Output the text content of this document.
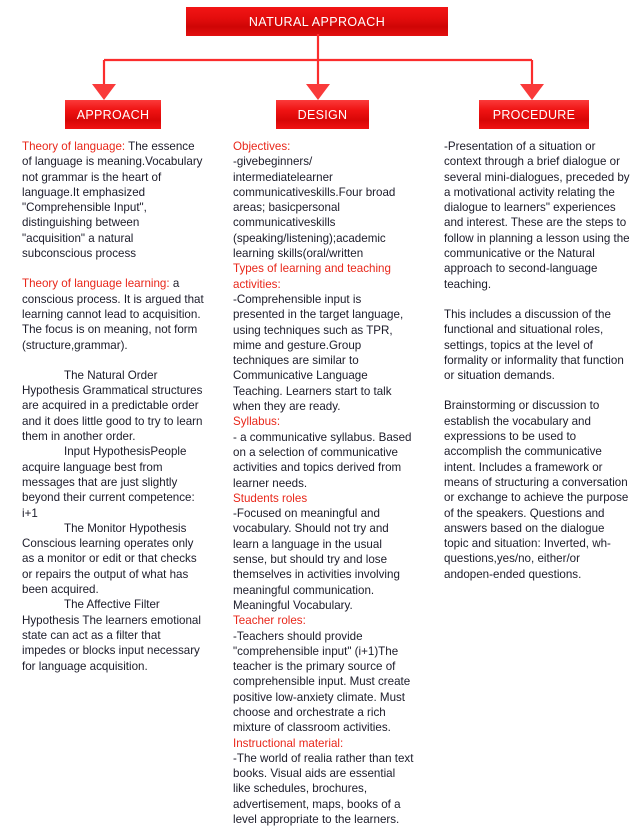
NATURAL APPROACH
APPROACH	DESIGN	PROCEDURE
Theory of language: The essence of language is meaning.Vocabulary not grammar is the heart of language.It emphasized "Comprehensible Input", distinguishing between "acquisition" a natural subconscious process
Theory of language learning: a conscious process. It is argued that learning cannot lead to acquisition. The focus is on meaning, not form (structure,grammar).
The Natural Order Hypothesis Grammatical structures are acquired in a predictable order and it does little good to try to learn them in another order.
Input HypothesisPeople acquire language best from messages that are just slightly beyond their current competence: i+1
The Monitor Hypothesis Conscious learning operates only as a monitor or edit or that checks or repairs the output of what has been acquired.
The Affective Filter Hypothesis The learners emotional state can act as a filter that impedes or blocks input necessary for language acquisition.
Objectives:
-givebeginners/ intermediatelearner communicativeskills.Four broad areas; basicpersonal communicativeskills (speaking/listening);academic learning skills(oral/written
Types of learning and teaching activities:
-Comprehensible input is presented in the target language, using techniques such as TPR, mime and gesture.Group techniques are similar to Communicative Language Teaching. Learners start to talk when they are ready.
Syllabus:
- a communicative syllabus. Based on a selection of communicative activities and topics derived from learner needs.
Students roles
-Focused on meaningful and vocabulary. Should not try and learn a language in the usual sense, but should try and lose themselves in activities involving meaningful communication. Meaningful Vocabulary.
Teacher roles:
-Teachers should provide "comprehensible input" (i+1)The teacher is the primary source of comprehensible input. Must create positive low-anxiety climate. Must choose and orchestrate a rich mixture of classroom activities.
Instructional material:
-The world of realia rather than text books. Visual aids are essential like schedules, brochures, advertisement, maps, books of a level appropriate to the learners.
-Presentation of a situation or context through a brief dialogue or several mini-dialogues, preceded by a motivational activity relating the dialogue to learners" experiences and interest. These are the steps to follow in planning a lesson using the communicative or the Natural approach to second-language teaching.
This includes a discussion of the functional and situational roles, settings, topics at the level of formality or informality that function or situation demands.
Brainstorming or discussion to establish the vocabulary and expressions to be used to accomplish the communicative intent. Includes a framework or means of structuring a conversation or exchange to achieve the purpose of the speakers. Questions and answers based on the dialogue topic and situation: Inverted, wh- questions,yes/no, either/or andopen-ended questions.
